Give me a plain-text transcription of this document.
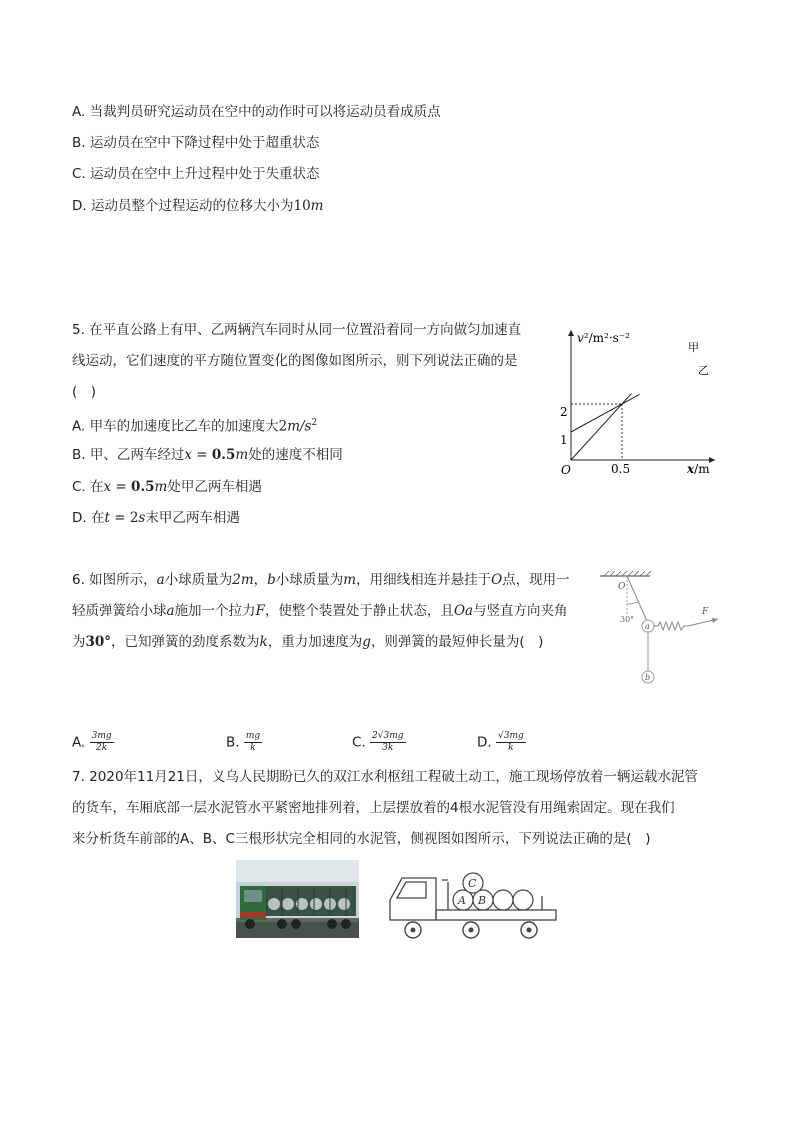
A. 当裁判员研究运动员在空中的动作时可以将运动员看成质点
B. 运动员在空中下降过程中处于超重状态
C. 运动员在空中上升过程中处于失重状态
D. 运动员整个过程运动的位移大小为10m
5. 在平直公路上有甲、乙两辆汽车同时从同一位置沿着同一方向做匀加速直
线运动，它们速度的平方随位置变化的图像如图所示，则下列说法正确的是
(　)
A. 甲车的加速度比乙车的加速度大$2m/s^2$
B. 甲、乙两车经过x = 0.5m处的速度不相同
C. 在x = 0.5m处甲乙两车相遇
D. 在t = 2s末甲乙两车相遇
v²/m²·s⁻²
x/m
O
1
2
0.5
甲
乙
6. 如图所示，a小球质量为2m，b小球质量为m，用细线相连并悬挂于O点，现用一
轻质弹簧给小球a施加一个拉力F，使整个装置处于静止状态，且Oa与竖直方向夹角
为30°，已知弹簧的劲度系数为k，重力加速度为g，则弹簧的最短伸长量为(　)
O
30°
a
F
b
A. $\frac{3mg}{2k}$	B. $\frac{mg}{k}$	C. $\frac{2√3mg}{3k}$	D. $\frac{√3mg}{k}$
7. 2020年11月21日，义乌人民期盼已久的双江水利枢纽工程破土动工，施工现场停放着一辆运载水泥管
的货车，车厢底部一层水泥管水平紧密地排列着，上层摆放着的4根水泥管没有用绳索固定。现在我们
来分析货车前部的A、B、C三根形状完全相同的水泥管，侧视图如图所示，下列说法正确的是(　)
A B
C
